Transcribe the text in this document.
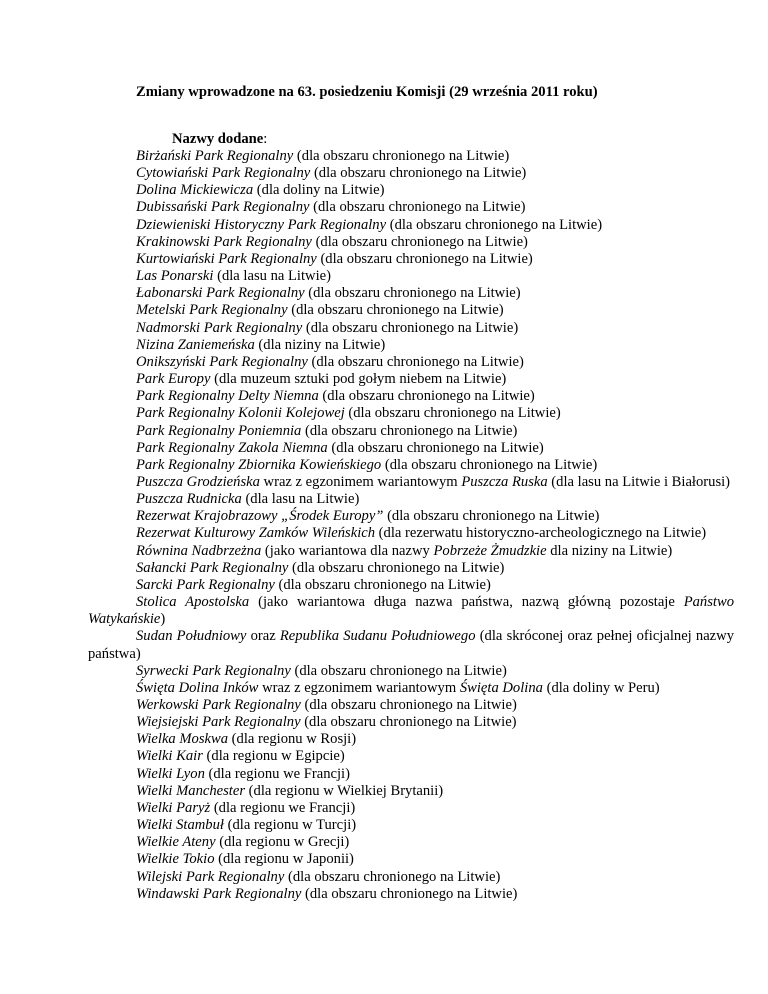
Zmiany wprowadzone na 63. posiedzeniu Komisji (29 września 2011 roku)
Nazwy dodane:
Birżański Park Regionalny (dla obszaru chronionego na Litwie)
Cytowiański Park Regionalny (dla obszaru chronionego na Litwie)
Dolina Mickiewicza (dla doliny na Litwie)
Dubissański Park Regionalny (dla obszaru chronionego na Litwie)
Dziewieniski Historyczny Park Regionalny (dla obszaru chronionego na Litwie)
Krakinowski Park Regionalny (dla obszaru chronionego na Litwie)
Kurtowiański Park Regionalny (dla obszaru chronionego na Litwie)
Las Ponarski (dla lasu na Litwie)
Łabonarski Park Regionalny (dla obszaru chronionego na Litwie)
Metelski Park Regionalny (dla obszaru chronionego na Litwie)
Nadmorski Park Regionalny (dla obszaru chronionego na Litwie)
Nizina Zaniemeńska (dla niziny na Litwie)
Onikszyński Park Regionalny (dla obszaru chronionego na Litwie)
Park Europy (dla muzeum sztuki pod gołym niebem na Litwie)
Park Regionalny Delty Niemna (dla obszaru chronionego na Litwie)
Park Regionalny Kolonii Kolejowej (dla obszaru chronionego na Litwie)
Park Regionalny Poniemnia (dla obszaru chronionego na Litwie)
Park Regionalny Zakola Niemna (dla obszaru chronionego na Litwie)
Park Regionalny Zbiornika Kowieńskiego (dla obszaru chronionego na Litwie)
Puszcza Grodzieńska wraz z egzonimem wariantowym Puszcza Ruska (dla lasu na Litwie i Białorusi)
Puszcza Rudnicka (dla lasu na Litwie)
Rezerwat Krajobrazowy „Środek Europy” (dla obszaru chronionego na Litwie)
Rezerwat Kulturowy Zamków Wileńskich (dla rezerwatu historyczno-archeologicznego na Litwie)
Równina Nadbrzeżna (jako wariantowa dla nazwy Pobrzeże Żmudzkie dla niziny na Litwie)
Sałancki Park Regionalny (dla obszaru chronionego na Litwie)
Sarcki Park Regionalny (dla obszaru chronionego na Litwie)
Stolica Apostolska (jako wariantowa długa nazwa państwa, nazwą główną pozostaje Państwo Watykańskie)
Sudan Południowy oraz Republika Sudanu Południowego (dla skróconej oraz pełnej oficjalnej nazwy państwa)
Syrwecki Park Regionalny (dla obszaru chronionego na Litwie)
Święta Dolina Inków wraz z egzonimem wariantowym Święta Dolina (dla doliny w Peru)
Werkowski Park Regionalny (dla obszaru chronionego na Litwie)
Wiejsiejski Park Regionalny (dla obszaru chronionego na Litwie)
Wielka Moskwa (dla regionu w Rosji)
Wielki Kair (dla regionu w Egipcie)
Wielki Lyon (dla regionu we Francji)
Wielki Manchester (dla regionu w Wielkiej Brytanii)
Wielki Paryż (dla regionu we Francji)
Wielki Stambuł (dla regionu w Turcji)
Wielkie Ateny (dla regionu w Grecji)
Wielkie Tokio (dla regionu w Japonii)
Wilejski Park Regionalny (dla obszaru chronionego na Litwie)
Windawski Park Regionalny (dla obszaru chronionego na Litwie)
